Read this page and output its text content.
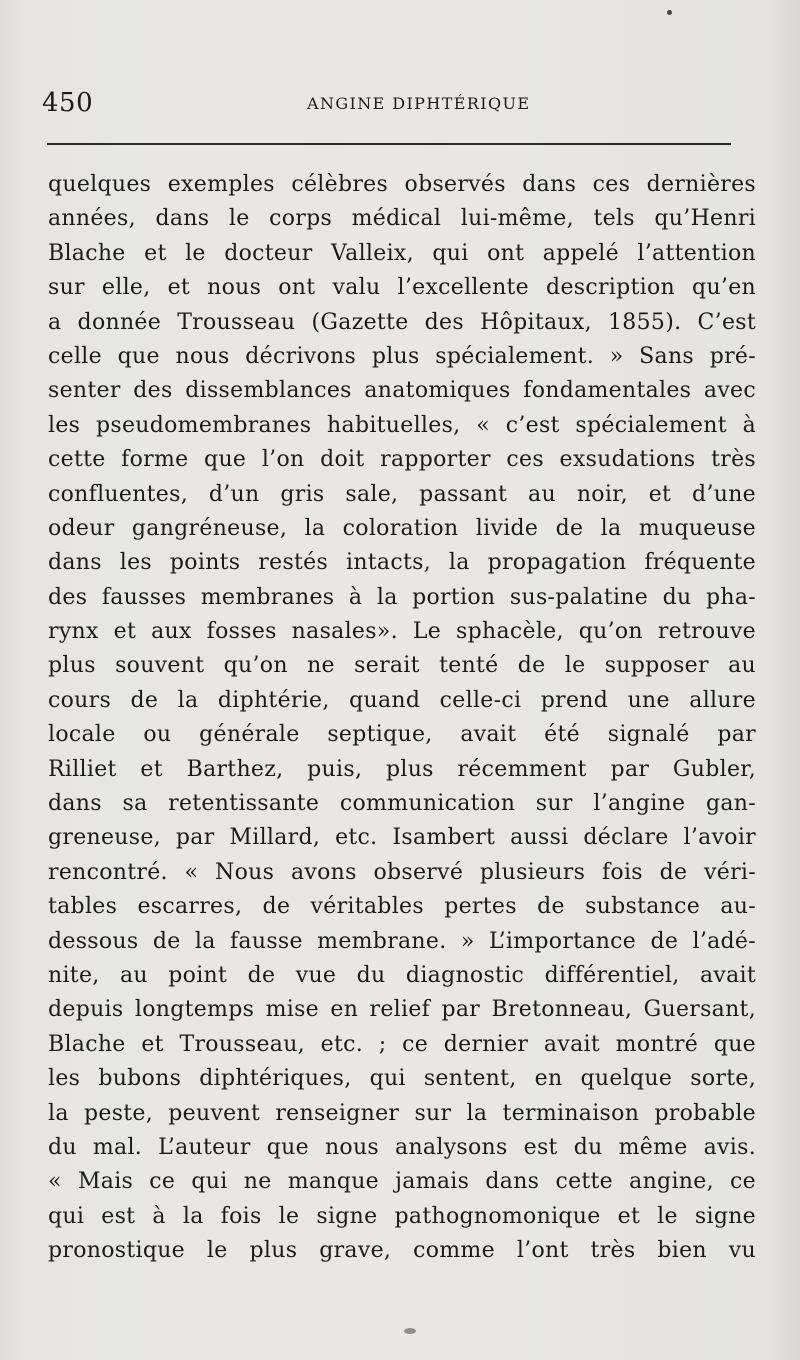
450	ANGINE DIPHTÉRIQUE
quelques exemples célèbres observés dans ces dernières
années, dans le corps médical lui-même, tels qu’Henri
Blache et le docteur Valleix, qui ont appelé l’attention
sur elle, et nous ont valu l’excellente description qu’en
a donnée Trousseau (Gazette des Hôpitaux, 1855). C’est
celle que nous décrivons plus spécialement. » Sans pré-
senter des dissemblances anatomiques fondamentales avec
les pseudomembranes habituelles, « c’est spécialement à
cette forme que l’on doit rapporter ces exsudations très
confluentes, d’un gris sale, passant au noir, et d’une
odeur gangréneuse, la coloration livide de la muqueuse
dans les points restés intacts, la propagation fréquente
des fausses membranes à la portion sus-palatine du pha-
rynx et aux fosses nasales». Le sphacèle, qu’on retrouve
plus souvent qu’on ne serait tenté de le supposer au
cours de la diphtérie, quand celle-ci prend une allure
locale ou générale septique, avait été signalé par
Rilliet et Barthez, puis, plus récemment par Gubler,
dans sa retentissante communication sur l’angine gan-
greneuse, par Millard, etc. Isambert aussi déclare l’avoir
rencontré. « Nous avons observé plusieurs fois de véri-
tables escarres, de véritables pertes de substance au-
dessous de la fausse membrane. » L’importance de l’adé-
nite, au point de vue du diagnostic différentiel, avait
depuis longtemps mise en relief par Bretonneau, Guersant,
Blache et Trousseau, etc. ; ce dernier avait montré que
les bubons diphtériques, qui sentent, en quelque sorte,
la peste, peuvent renseigner sur la terminaison probable
du mal. L’auteur que nous analysons est du même avis.
« Mais ce qui ne manque jamais dans cette angine, ce
qui est à la fois le signe pathognomonique et le signe
pronostique le plus grave, comme l’ont très bien vu
